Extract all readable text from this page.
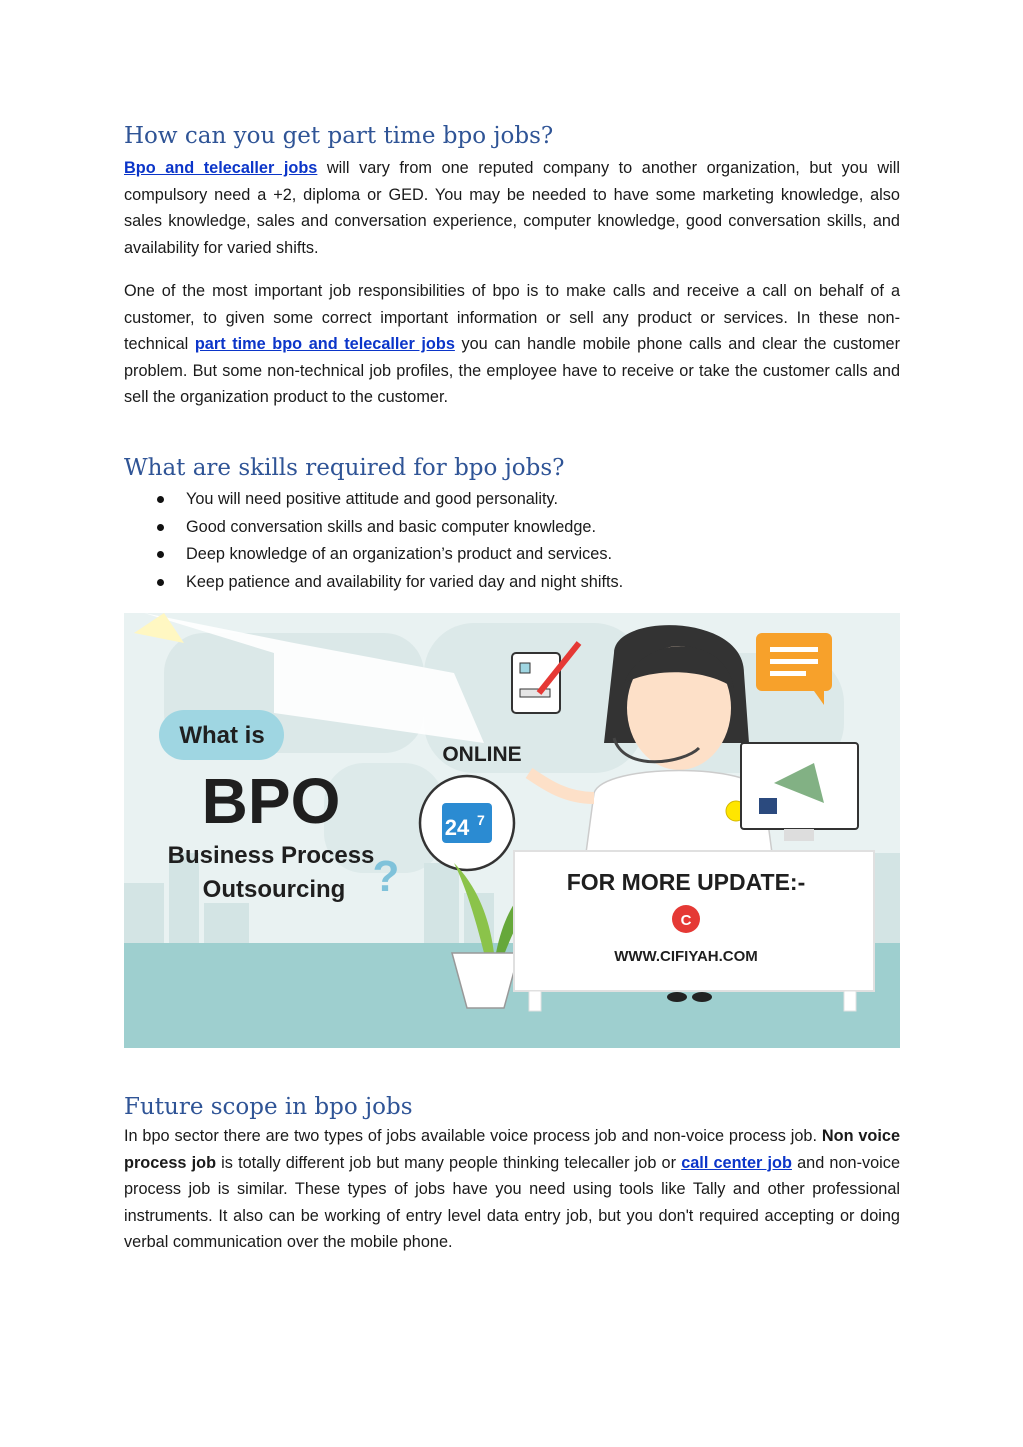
How can you get part time bpo jobs?

Bpo and telecaller jobs will vary from one reputed company to another organization, but you will compulsory need a +2, diploma or GED. You may be needed to have some marketing knowledge, also sales knowledge, sales and conversation experience, computer knowledge, good conversation skills, and availability for varied shifts.

One of the most important job responsibilities of bpo is to make calls and receive a call on behalf of a customer, to given some correct important information or sell any product or services. In these non-technical part time bpo and telecaller jobs you can handle mobile phone calls and clear the customer problem. But some non-technical job profiles, the employee have to receive or take the customer calls and sell the organization product to the customer.

What are skills required for bpo jobs?
You will need positive attitude and good personality.
Good conversation skills and basic computer knowledge.
Deep knowledge of an organization’s product and services.
Keep patience and availability for varied day and night shifts.
What is
BPO
Business Process
Outsourcing ?
ONLINE
24 7
FOR MORE UPDATE:-
C
WWW.CIFIYAH.COM
Future scope in bpo jobs

In bpo sector there are two types of jobs available voice process job and non-voice process job. Non voice process job is totally different job but many people thinking telecaller job or call center job and non-voice process job is similar. These types of jobs have you need using tools like Tally and other professional instruments. It also can be working of entry level data entry job, but you don't required accepting or doing verbal communication over the mobile phone.
